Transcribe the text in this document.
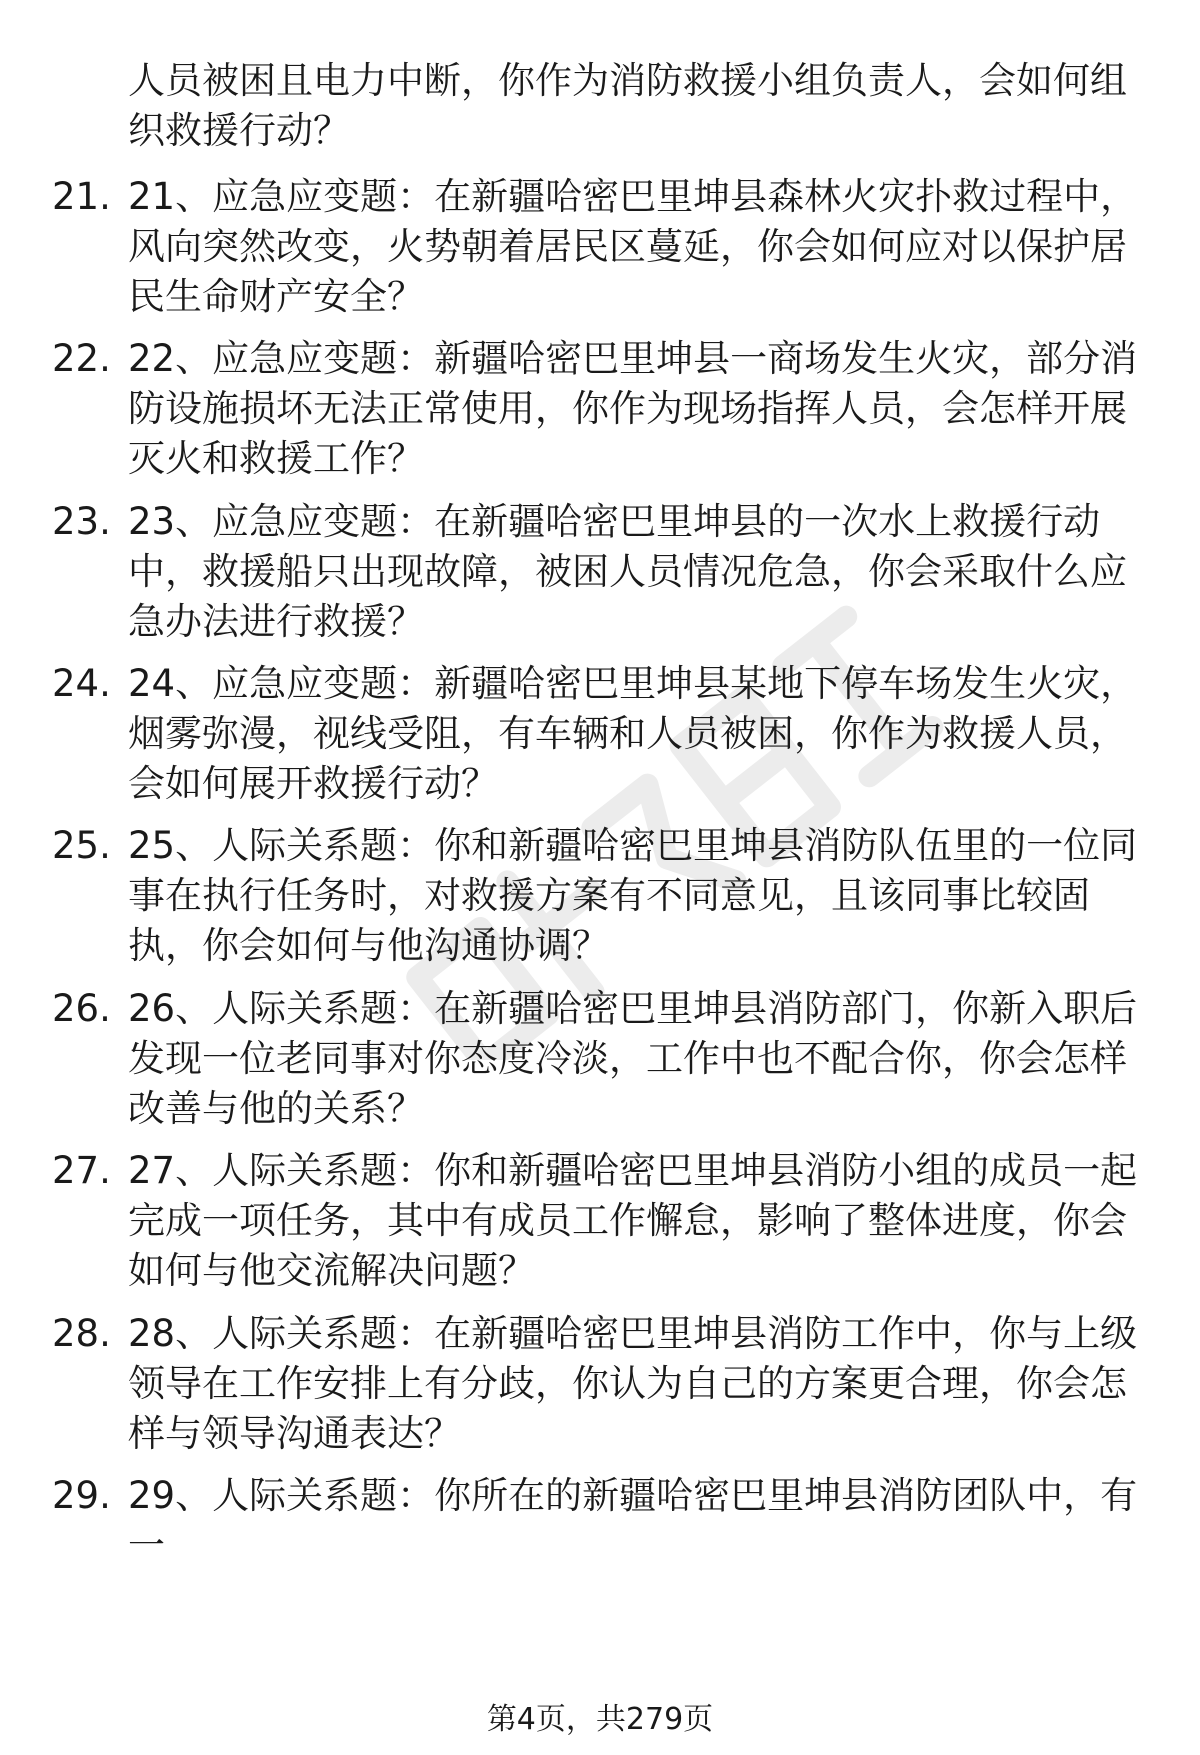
人员被困且电力中断，你作为消防救援小组负责人，会如何组织救援行动？
21. 21、应急应变题：在新疆哈密巴里坤县森林火灾扑救过程中，风向突然改变，火势朝着居民区蔓延，你会如何应对以保护居民生命财产安全？
22. 22、应急应变题：新疆哈密巴里坤县一商场发生火灾，部分消防设施损坏无法正常使用，你作为现场指挥人员，会怎样开展灭火和救援工作？
23. 23、应急应变题：在新疆哈密巴里坤县的一次水上救援行动中，救援船只出现故障，被困人员情况危急，你会采取什么应急办法进行救援？
24. 24、应急应变题：新疆哈密巴里坤县某地下停车场发生火灾，烟雾弥漫，视线受阻，有车辆和人员被困，你作为救援人员，会如何展开救援行动？
25. 25、人际关系题：你和新疆哈密巴里坤县消防队伍里的一位同事在执行任务时，对救援方案有不同意见，且该同事比较固执，你会如何与他沟通协调？
26. 26、人际关系题：在新疆哈密巴里坤县消防部门，你新入职后发现一位老同事对你态度冷淡，工作中也不配合你，你会怎样改善与他的关系？
27. 27、人际关系题：你和新疆哈密巴里坤县消防小组的成员一起完成一项任务，其中有成员工作懈怠，影响了整体进度，你会如何与他交流解决问题？
28. 28、人际关系题：在新疆哈密巴里坤县消防工作中，你与上级领导在工作安排上有分歧，你认为自己的方案更合理，你会怎样与领导沟通表达？
29. 29、人际关系题：你所在的新疆哈密巴里坤县消防团队中，有一
第4页，共279页
